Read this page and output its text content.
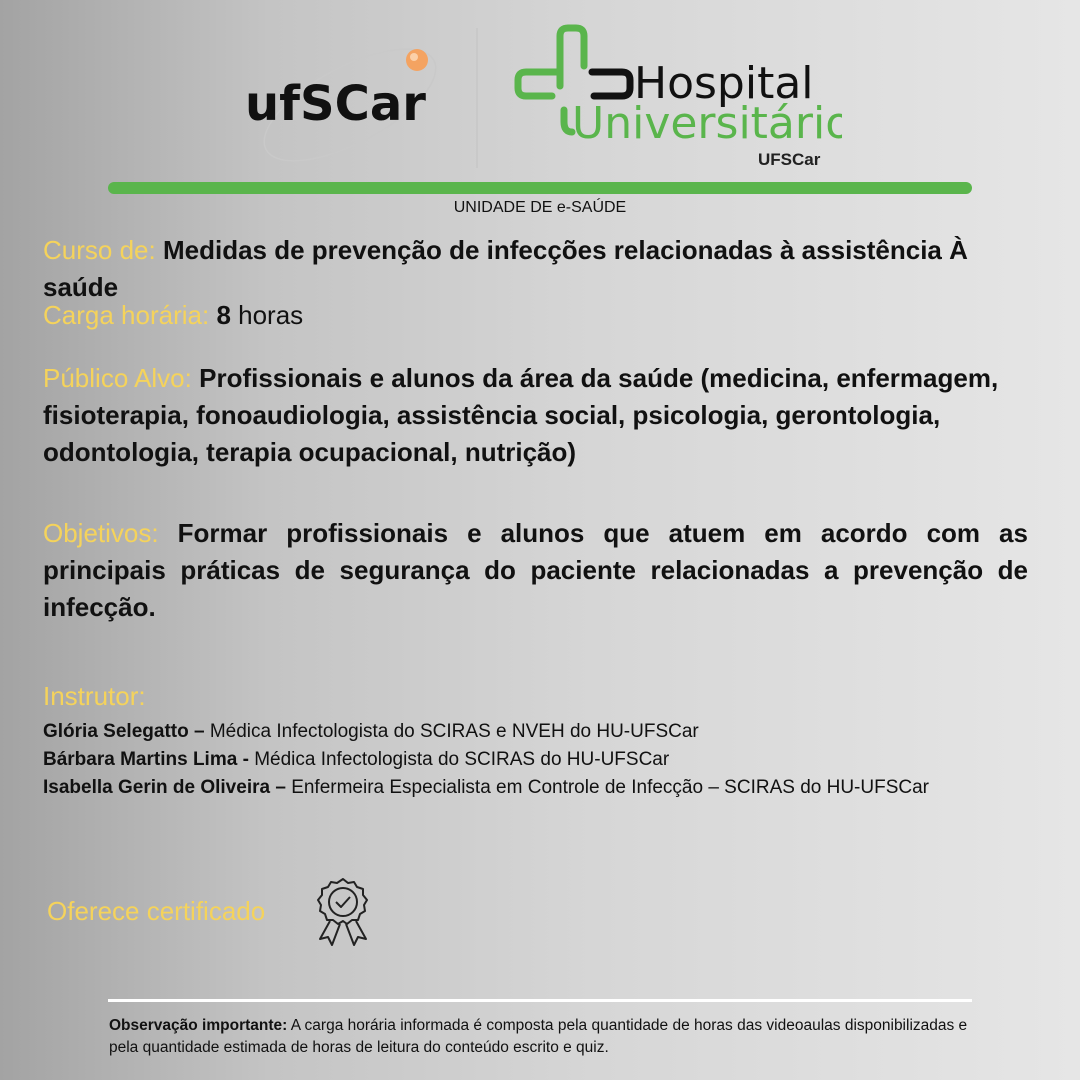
ufSCar	Hospital
Universitário
UFSCar
UNIDADE DE e-SAÚDE
Curso de: Medidas de prevenção de infecções relacionadas à assistência À saúde
Carga horária: 8 horas
Público Alvo: Profissionais e alunos da área da saúde (medicina, enfermagem, fisioterapia, fonoaudiologia, assistência social, psicologia, gerontologia, odontologia, terapia ocupacional, nutrição)
Objetivos: Formar profissionais e alunos que atuem em acordo com as principais práticas de segurança do paciente relacionadas a prevenção de infecção.
Instrutor:

Glória Selegatto – Médica Infectologista do SCIRAS e NVEH do HU-UFSCar

Bárbara Martins Lima - Médica Infectologista do SCIRAS do HU-UFSCar

Isabella Gerin de Oliveira – Enfermeira Especialista em Controle de Infecção – SCIRAS do HU-UFSCar

Oferece certificado
Observação importante: A carga horária informada é composta pela quantidade de horas das videoaulas disponibilizadas e pela quantidade estimada de horas de leitura do conteúdo escrito e quiz.
